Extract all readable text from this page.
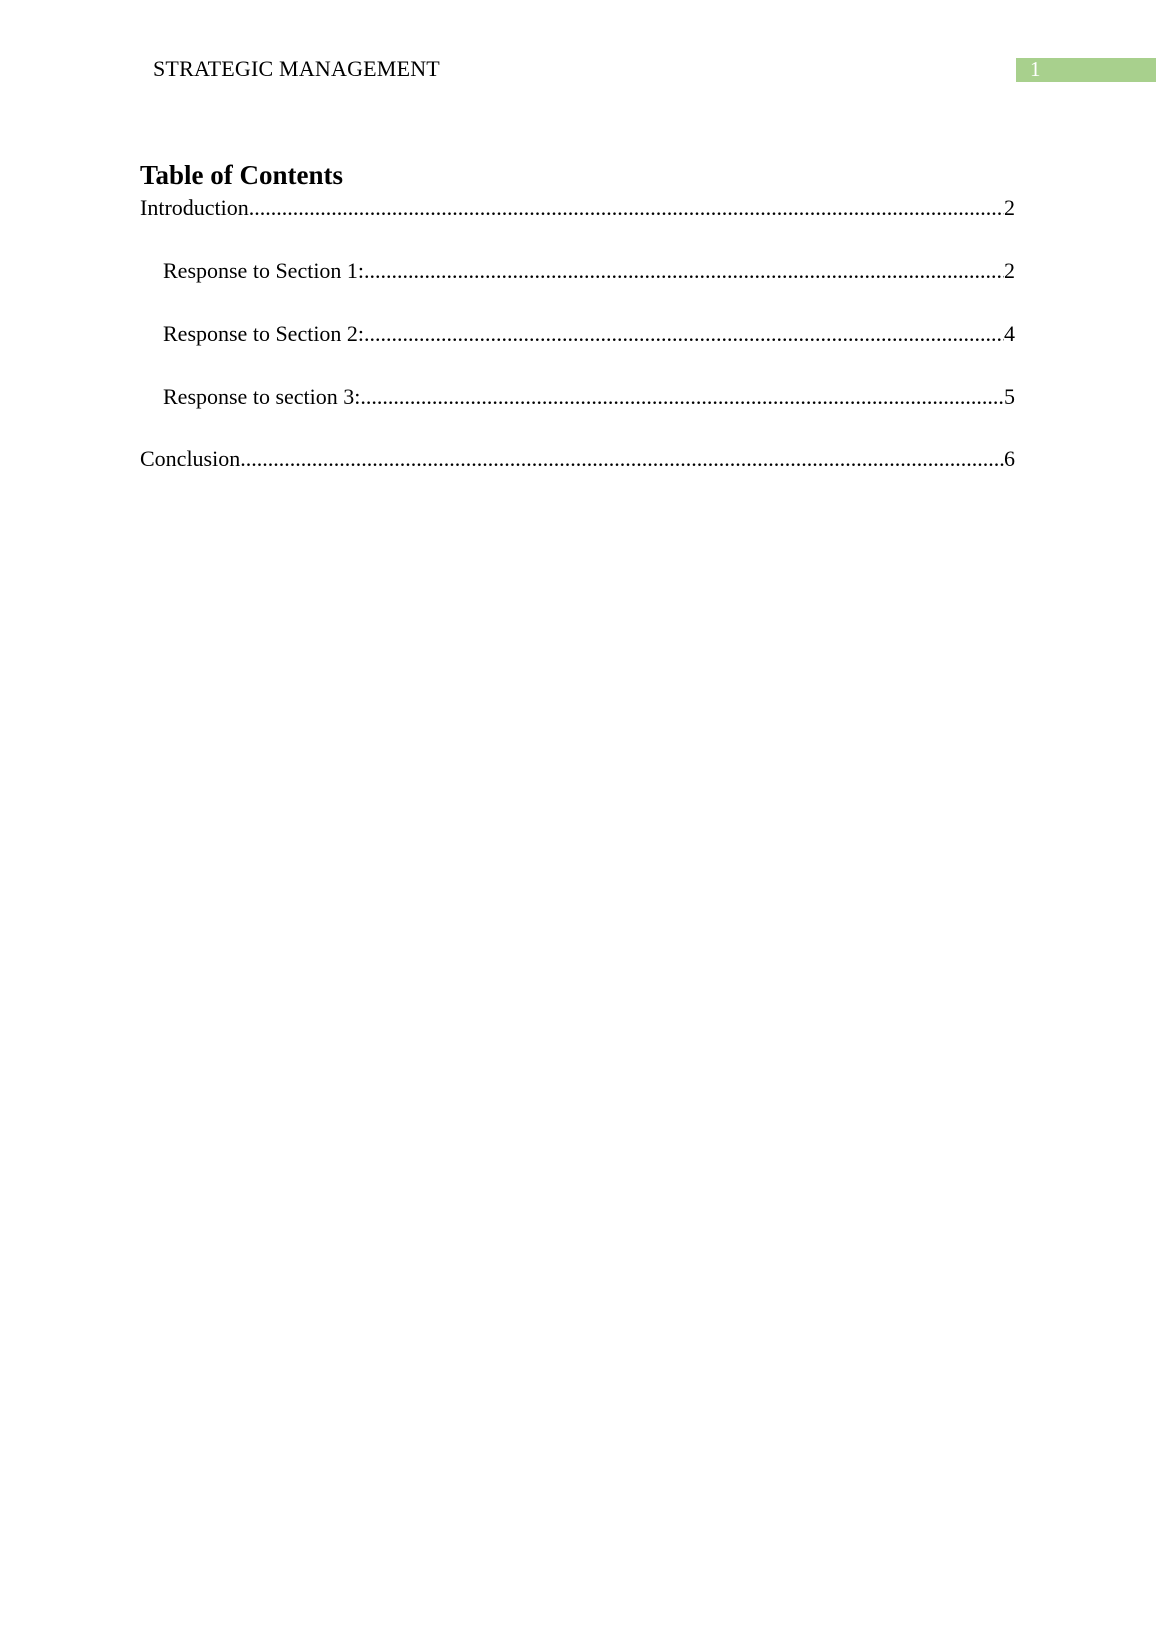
STRATEGIC MANAGEMENT	1
Table of Contents
Introduction .....	2
Response to Section 1: .....	2
Response to Section 2: .....	4
Response to section 3: .....	5
Conclusion .....	6
